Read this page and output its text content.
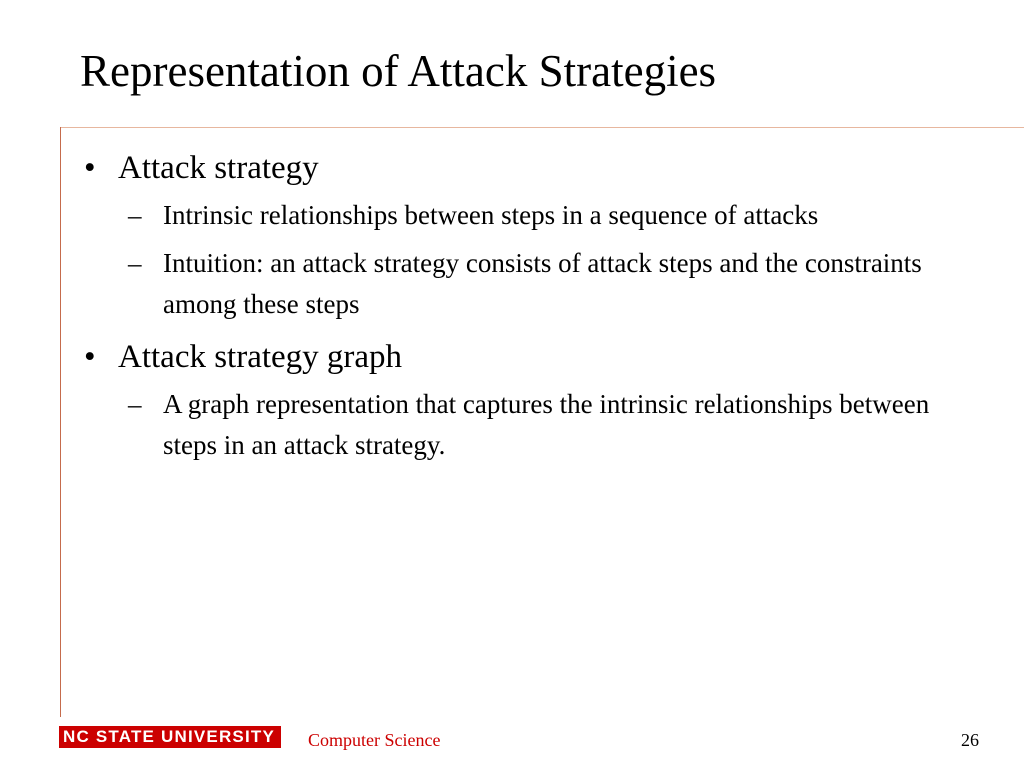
Representation of Attack Strategies
• Attack strategy
– Intrinsic relationships between steps in a sequence of attacks
– Intuition: an attack strategy consists of attack steps and the constraints among these steps
• Attack strategy graph
– A graph representation that captures the intrinsic relationships between steps in an attack strategy.
NC STATE UNIVERSITY	Computer Science	26
